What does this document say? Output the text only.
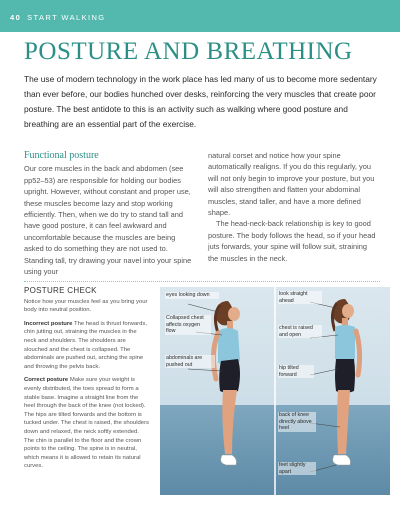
40 START WALKING
POSTURE AND BREATHING
The use of modern technology in the work place has led many of us to become more sedentary than ever before, our bodies hunched over desks, reinforcing the very muscles that create poor posture. The best antidote to this is an activity such as walking where good posture and breathing are an essential part of the exercise.
Functional posture

Our core muscles in the back and abdomen (see pp52–53) are responsible for holding our bodies upright. However, without constant and proper use, these muscles become lazy and stop working efficiently. Then, when we do try to stand tall and have good posture, it can feel awkward and uncomfortable because the muscles are being asked to do something they are not used to. Standing tall, try drawing your navel into your spine using your

natural corset and notice how your spine automatically realigns. If you do this regularly, you will not only begin to improve your posture, but you will also strengthen and flatten your abdominal muscles, stand taller, and have a more defined shape.

The head-neck-back relationship is key to good posture. The body follows the head, so if your head juts forwards, your spine will follow suit, straining the muscles in the neck.

POSTURE CHECK

Notice how your muscles feel as you bring your body into neutral position.

Incorrect posture The head is thrust forwards, chin jutting out, straining the muscles in the neck and shoulders. The shoulders are slouched and the chest is collapsed. The abdominals are pushed out, arching the spine and throwing the pelvis back.

Correct posture Make sure your weight is evenly distributed, the toes spread to form a stable base. Imagine a straight line from the heel through the back of the knee (not locked). The hips are tilted forwards and the bottom is tucked under. The chest is raised, the shoulders down and relaxed, the neck softly extended. The chin is parallel to the floor and the crown points to the ceiling. The spine is in neutral, which means it is allowed to retain its natural curves.

eyes looking down
Collapsed chest affects oxygen flow
abdominals are pushed out
look straight ahead
chest is raised and open
hip tilted forward
back of knee directly above heel
feet slightly apart
